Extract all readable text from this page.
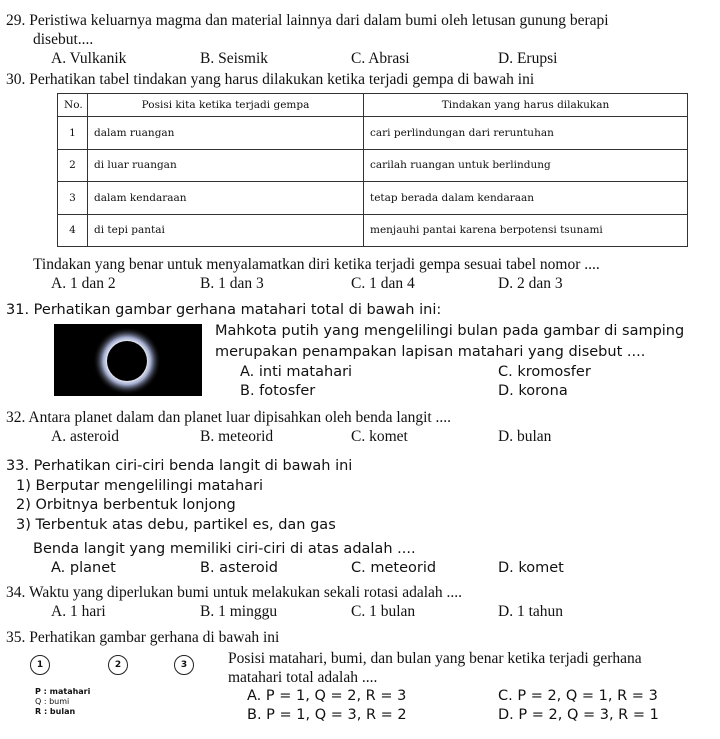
29. Peristiwa keluarnya magma dan material lainnya dari dalam bumi oleh letusan gunung berapi
disebut....
A. Vulkanik	B. Seismik	C. Abrasi	D. Erupsi
30. Perhatikan tabel tindakan yang harus dilakukan ketika terjadi gempa di bawah ini
No.	Posisi kita ketika terjadi gempa	Tindakan yang harus dilakukan
1	dalam ruangan	cari perlindungan dari reruntuhan
2	di luar ruangan	carilah ruangan untuk berlindung
3	dalam kendaraan	tetap berada dalam kendaraan
4	di tepi pantai	menjauhi pantai karena berpotensi tsunami
Tindakan yang benar untuk menyalamatkan diri ketika terjadi gempa sesuai tabel nomor ....
A. 1 dan 2	B. 1 dan 3	C. 1 dan 4	D. 2 dan 3
31. Perhatikan gambar gerhana matahari total di bawah ini:
Mahkota putih yang mengelilingi bulan pada gambar di samping
merupakan penampakan lapisan matahari yang disebut ....
A. inti matahari	C. kromosfer
B. fotosfer	D. korona
32. Antara planet dalam dan planet luar dipisahkan oleh benda langit ....
A. asteroid	B. meteorid	C. komet	D. bulan
33. Perhatikan ciri-ciri benda langit di bawah ini
1) Berputar mengelilingi matahari
2) Orbitnya berbentuk lonjong
3) Terbentuk atas debu, partikel es, dan gas
Benda langit yang memiliki ciri-ciri di atas adalah ....
A. planet	B. asteroid	C. meteorid	D. komet
34. Waktu yang diperlukan bumi untuk melakukan sekali rotasi adalah ....
A. 1 hari	B. 1 minggu	C. 1 bulan	D. 1 tahun
35. Perhatikan gambar gerhana di bawah ini
1	2	3
P : matahari
Q : bumi
R : bulan
Posisi matahari, bumi, dan bulan yang benar ketika terjadi gerhana
matahari total adalah ....
A. P = 1, Q = 2, R = 3	C. P = 2, Q = 1, R = 3
B. P = 1, Q = 3, R = 2	D. P = 2, Q = 3, R = 1
